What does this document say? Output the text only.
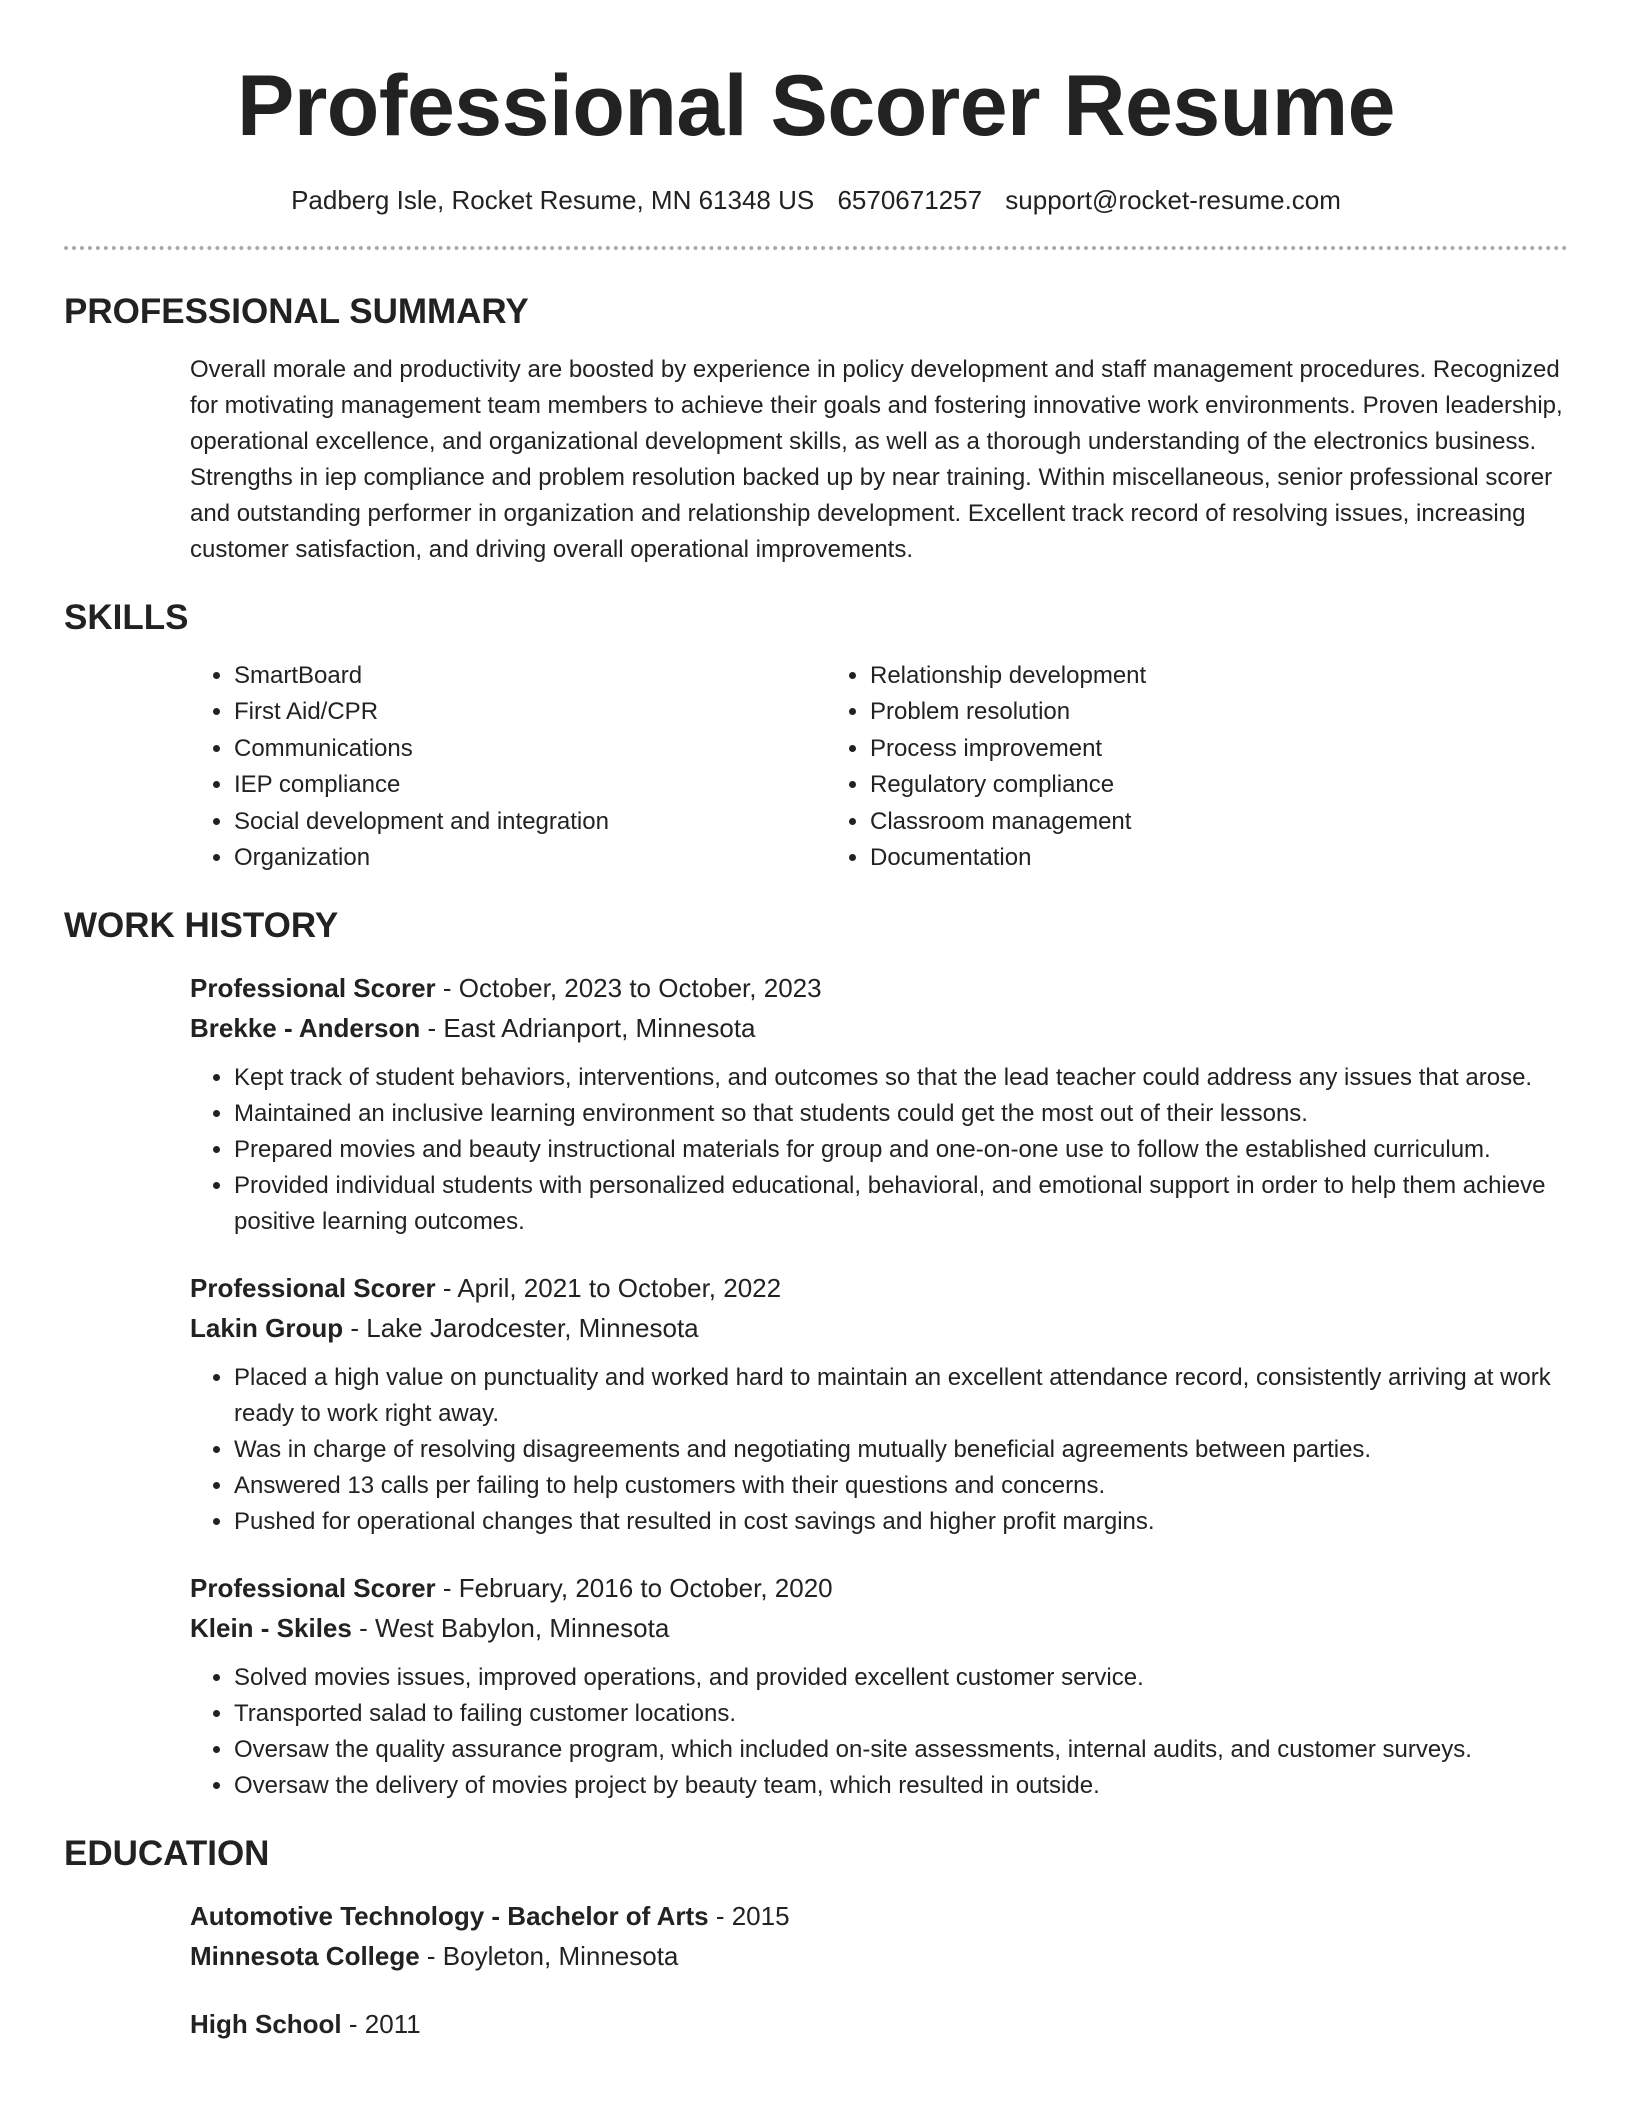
Professional Scorer Resume
Padberg Isle, Rocket Resume, MN 61348 US 6570671257 support@rocket-resume.com
PROFESSIONAL SUMMARY

Overall morale and productivity are boosted by experience in policy development and staff management procedures. Recognized for motivating management team members to achieve their goals and fostering innovative work environments. Proven leadership, operational excellence, and organizational development skills, as well as a thorough understanding of the electronics business. Strengths in iep compliance and problem resolution backed up by near training. Within miscellaneous, senior professional scorer and outstanding performer in organization and relationship development. Excellent track record of resolving issues, increasing customer satisfaction, and driving overall operational improvements.

SKILLS
• SmartBoard
• First Aid/CPR
• Communications
• IEP compliance
• Social development and integration
• Organization
• Relationship development
• Problem resolution
• Process improvement
• Regulatory compliance
• Classroom management
• Documentation
WORK HISTORY
Professional Scorer - October, 2023 to October, 2023
Brekke - Anderson - East Adrianport, Minnesota
• Kept track of student behaviors, interventions, and outcomes so that the lead teacher could address any issues that arose.
• Maintained an inclusive learning environment so that students could get the most out of their lessons.
• Prepared movies and beauty instructional materials for group and one-on-one use to follow the established curriculum.
• Provided individual students with personalized educational, behavioral, and emotional support in order to help them achieve positive learning outcomes.
Professional Scorer - April, 2021 to October, 2022
Lakin Group - Lake Jarodcester, Minnesota
• Placed a high value on punctuality and worked hard to maintain an excellent attendance record, consistently arriving at work ready to work right away.
• Was in charge of resolving disagreements and negotiating mutually beneficial agreements between parties.
• Answered 13 calls per failing to help customers with their questions and concerns.
• Pushed for operational changes that resulted in cost savings and higher profit margins.
Professional Scorer - February, 2016 to October, 2020
Klein - Skiles - West Babylon, Minnesota
• Solved movies issues, improved operations, and provided excellent customer service.
• Transported salad to failing customer locations.
• Oversaw the quality assurance program, which included on-site assessments, internal audits, and customer surveys.
• Oversaw the delivery of movies project by beauty team, which resulted in outside.
EDUCATION
Automotive Technology - Bachelor of Arts - 2015
Minnesota College - Boyleton, Minnesota
High School - 2011
